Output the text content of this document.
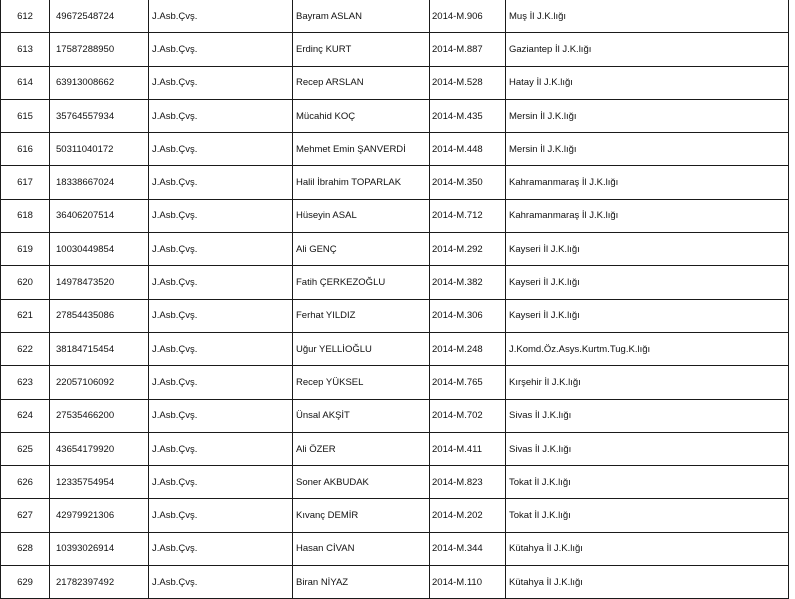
612	49672548724	J.Asb.Çvş.	Bayram ASLAN	2014-M.906	Muş İl J.K.lığı
613	17587288950	J.Asb.Çvş.	Erdinç KURT	2014-M.887	Gaziantep İl J.K.lığı
614	63913008662	J.Asb.Çvş.	Recep ARSLAN	2014-M.528	Hatay İl J.K.lığı
615	35764557934	J.Asb.Çvş.	Mücahid KOÇ	2014-M.435	Mersin İl J.K.lığı
616	50311040172	J.Asb.Çvş.	Mehmet Emin ŞANVERDİ	2014-M.448	Mersin İl J.K.lığı
617	18338667024	J.Asb.Çvş.	Halil İbrahim TOPARLAK	2014-M.350	Kahramanmaraş İl J.K.lığı
618	36406207514	J.Asb.Çvş.	Hüseyin ASAL	2014-M.712	Kahramanmaraş İl J.K.lığı
619	10030449854	J.Asb.Çvş.	Ali GENÇ	2014-M.292	Kayseri İl J.K.lığı
620	14978473520	J.Asb.Çvş.	Fatih ÇERKEZOĞLU	2014-M.382	Kayseri İl J.K.lığı
621	27854435086	J.Asb.Çvş.	Ferhat YILDIZ	2014-M.306	Kayseri İl J.K.lığı
622	38184715454	J.Asb.Çvş.	Uğur YELLİOĞLU	2014-M.248	J.Komd.Öz.Asys.Kurtm.Tug.K.lığı
623	22057106092	J.Asb.Çvş.	Recep YÜKSEL	2014-M.765	Kırşehir İl J.K.lığı
624	27535466200	J.Asb.Çvş.	Ünsal AKŞİT	2014-M.702	Sivas İl J.K.lığı
625	43654179920	J.Asb.Çvş.	Ali ÖZER	2014-M.411	Sivas İl J.K.lığı
626	12335754954	J.Asb.Çvş.	Soner AKBUDAK	2014-M.823	Tokat İl J.K.lığı
627	42979921306	J.Asb.Çvş.	Kıvanç DEMİR	2014-M.202	Tokat İl J.K.lığı
628	10393026914	J.Asb.Çvş.	Hasan CİVAN	2014-M.344	Kütahya İl J.K.lığı
629	21782397492	J.Asb.Çvş.	Biran NİYAZ	2014-M.110	Kütahya İl J.K.lığı
